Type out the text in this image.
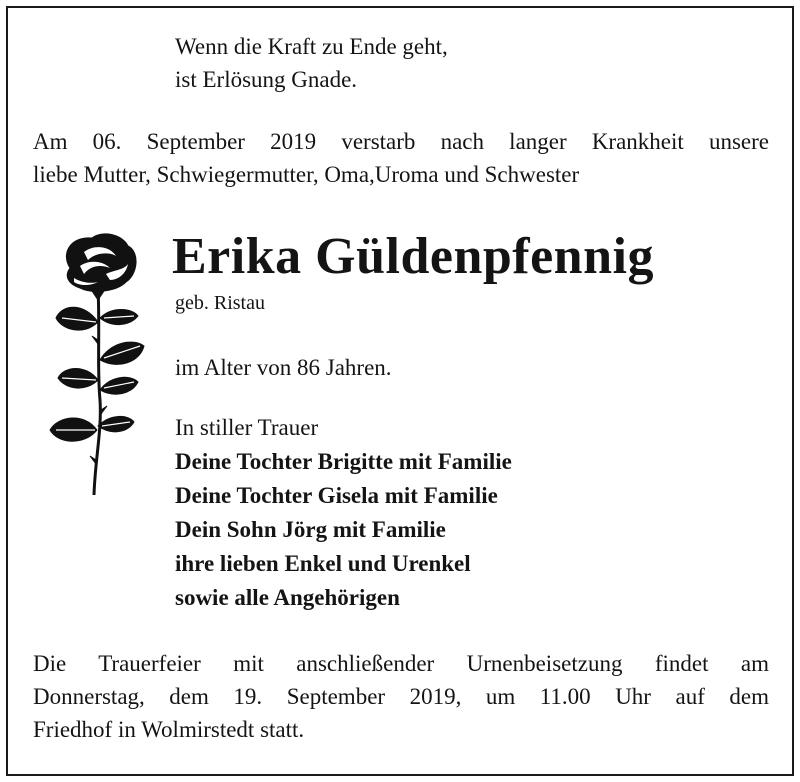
Wenn die Kraft zu Ende geht,
ist Erlösung Gnade.
Am 06. September 2019 verstarb nach langer Krankheit unsere
liebe Mutter, Schwiegermutter, Oma,Uroma und Schwester
Erika Güldenpfennig
geb. Ristau
im Alter von 86 Jahren.
In stiller Trauer
Deine Tochter Brigitte mit Familie
Deine Tochter Gisela mit Familie
Dein Sohn Jörg mit Familie
ihre lieben Enkel und Urenkel
sowie alle Angehörigen
Die Trauerfeier mit anschließender Urnenbeisetzung findet am
Donnerstag, dem 19. September 2019, um 11.00 Uhr auf dem
Friedhof in Wolmirstedt statt.
